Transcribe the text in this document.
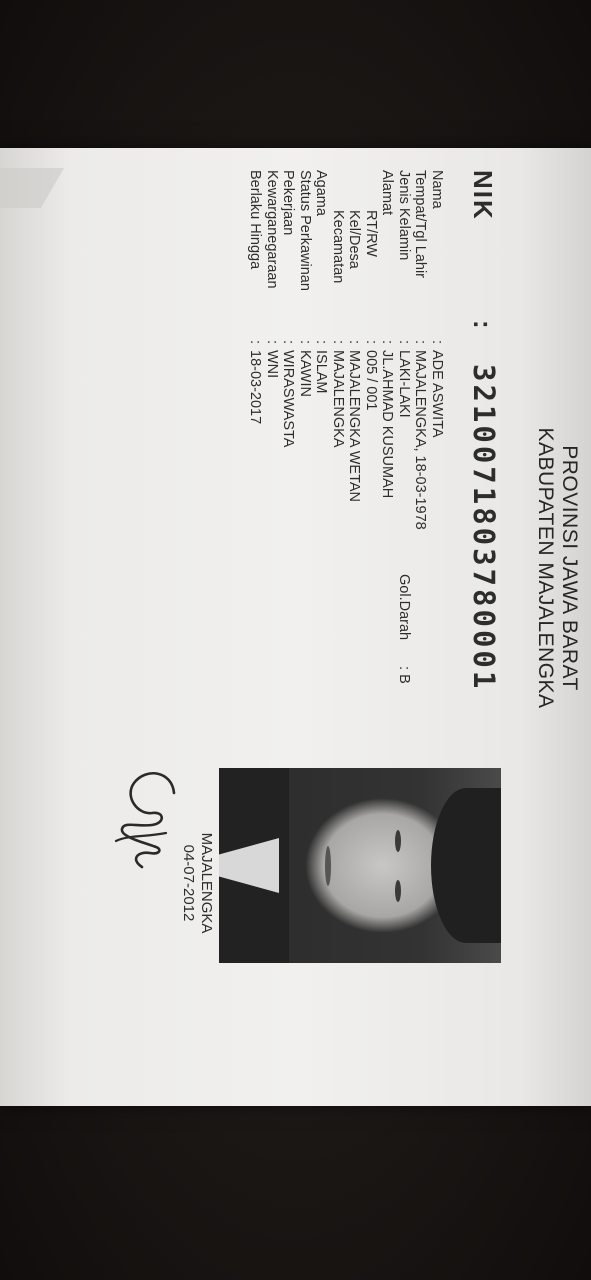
PROVINSI JAWA BARAT
KABUPATEN MAJALENGKA
NIK:3210071803780001
Nama
:
ADE ASWITA
Tempat/Tgl Lahir
:
MAJALENGKA, 18-03-1978
Jenis Kelamin
:
LAKI-LAKI
Gol.Darah
: B
Alamat
:
JL.AHMAD KUSUMAH
RT/RW
:
005 / 001
Kel/Desa
:
MAJALENGKA WETAN
Kecamatan
:
MAJALENGKA
Agama
:
ISLAM
Status Perkawinan
:
KAWIN
Pekerjaan
:
WIRASWASTA
Kewarganegaraan
:
WNI
Berlaku Hingga
:
18-03-2017
MAJALENGKA
04-07-2012
